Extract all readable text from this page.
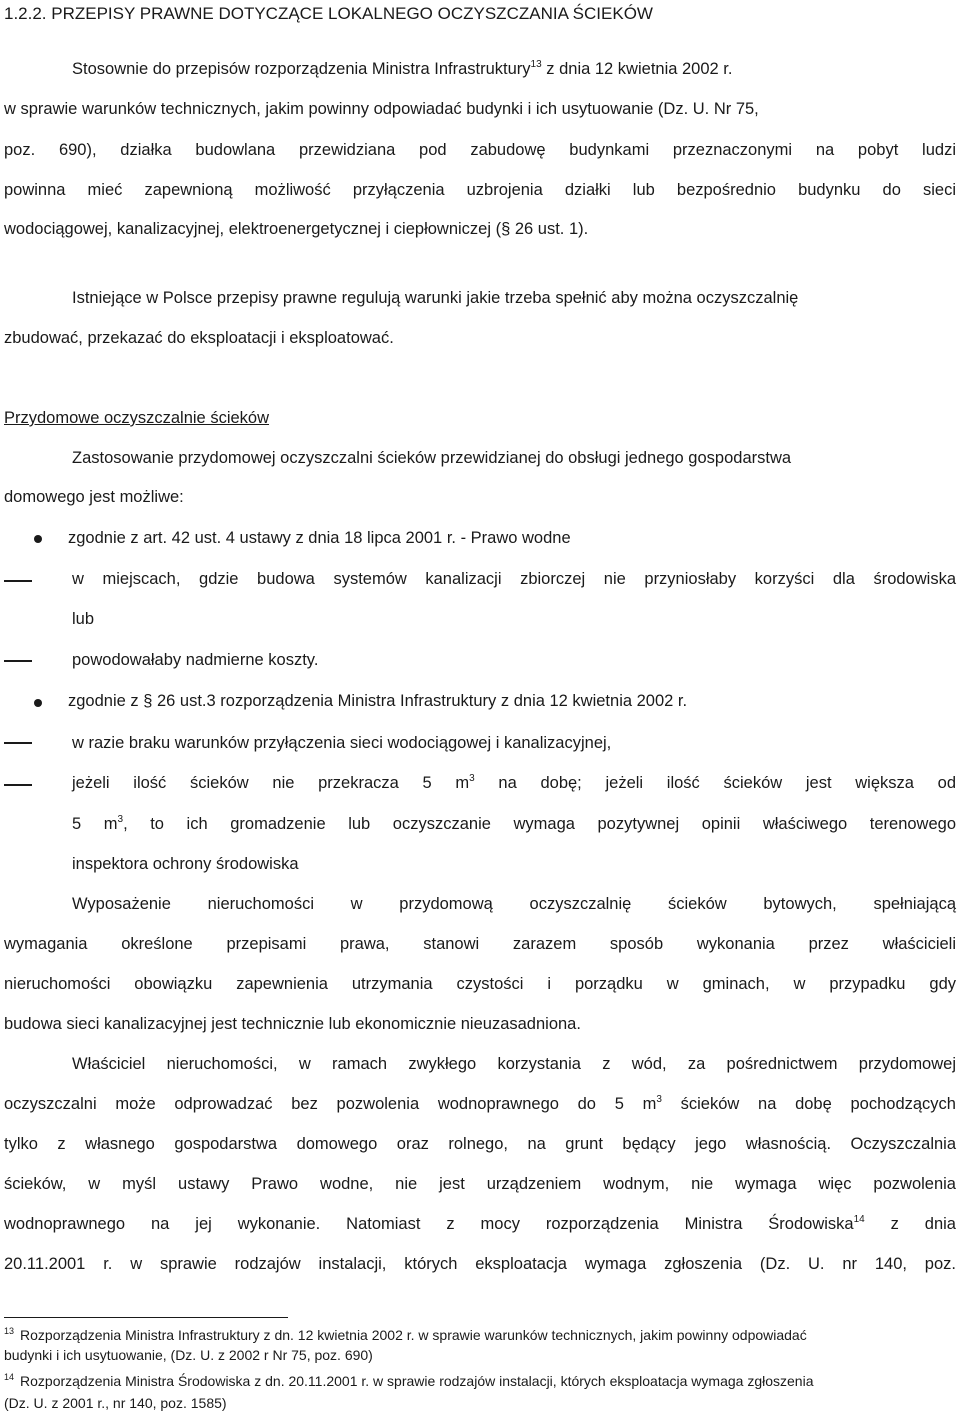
1.2.2. PRZEPISY PRAWNE DOTYCZĄCE LOKALNEGO OCZYSZCZANIA ŚCIEKÓW
Stosownie do przepisów rozporządzenia Ministra Infrastruktury$^{13}$ z dnia 12 kwietnia 2002 r.
w sprawie warunków technicznych, jakim powinny odpowiadać budynki i ich usytuowanie (Dz. U. Nr 75,
poz. 690), działka budowlana przewidziana pod zabudowę budynkami przeznaczonymi na pobyt ludzi
powinna mieć zapewnioną możliwość przyłączenia uzbrojenia działki lub bezpośrednio budynku do sieci
wodociągowej, kanalizacyjnej, elektroenergetycznej i ciepłowniczej (§ 26 ust. 1).
Istniejące w Polsce przepisy prawne regulują warunki jakie trzeba spełnić aby można oczyszczalnię
zbudować, przekazać do eksploatacji i eksploatować.
Przydomowe oczyszczalnie ścieków
Zastosowanie przydomowej oczyszczalni ścieków przewidzianej do obsługi jednego gospodarstwa
domowego jest możliwe:
zgodnie z art. 42 ust. 4 ustawy z dnia 18 lipca 2001 r. - Prawo wodne
w miejscach, gdzie budowa systemów kanalizacji zbiorczej nie przyniosłaby korzyści dla środowiska
lub
powodowałaby nadmierne koszty.
zgodnie z § 26 ust.3 rozporządzenia Ministra Infrastruktury z dnia 12 kwietnia 2002 r.
w razie braku warunków przyłączenia sieci wodociągowej i kanalizacyjnej,
jeżeli ilość ścieków nie przekracza 5 $m^3$ na dobę; jeżeli ilość ścieków jest większa od
5 $m^3$, to ich gromadzenie lub oczyszczanie wymaga pozytywnej opinii właściwego terenowego
inspektora ochrony środowiska
Wyposażenie nieruchomości w przydomową oczyszczalnię ścieków bytowych, spełniającą
wymagania określone przepisami prawa, stanowi zarazem sposób wykonania przez właścicieli
nieruchomości obowiązku zapewnienia utrzymania czystości i porządku w gminach, w przypadku gdy
budowa sieci kanalizacyjnej jest technicznie lub ekonomicznie nieuzasadniona.
Właściciel nieruchomości, w ramach zwykłego korzystania z wód, za pośrednictwem przydomowej
oczyszczalni może odprowadzać bez pozwolenia wodnoprawnego do 5 $m^3$ ścieków na dobę pochodzących
tylko z własnego gospodarstwa domowego oraz rolnego, na grunt będący jego własnością. Oczyszczalnia
ścieków, w myśl ustawy Prawo wodne, nie jest urządzeniem wodnym, nie wymaga więc pozwolenia
wodnoprawnego na jej wykonanie. Natomiast z mocy rozporządzenia Ministra Środowiska$^{14}$ z dnia
20.11.2001 r. w sprawie rodzajów instalacji, których eksploatacja wymaga zgłoszenia (Dz. U. nr 140, poz.
$^{13}$ Rozporządzenia Ministra Infrastruktury z dn. 12 kwietnia 2002 r. w sprawie warunków technicznych, jakim powinny odpowiadać
budynki i ich usytuowanie, (Dz. U. z 2002 r Nr 75, poz. 690)
$^{14}$ Rozporządzenia Ministra Środowiska z dn. 20.11.2001 r. w sprawie rodzajów instalacji, których eksploatacja wymaga zgłoszenia
(Dz. U. z 2001 r., nr 140, poz. 1585)
